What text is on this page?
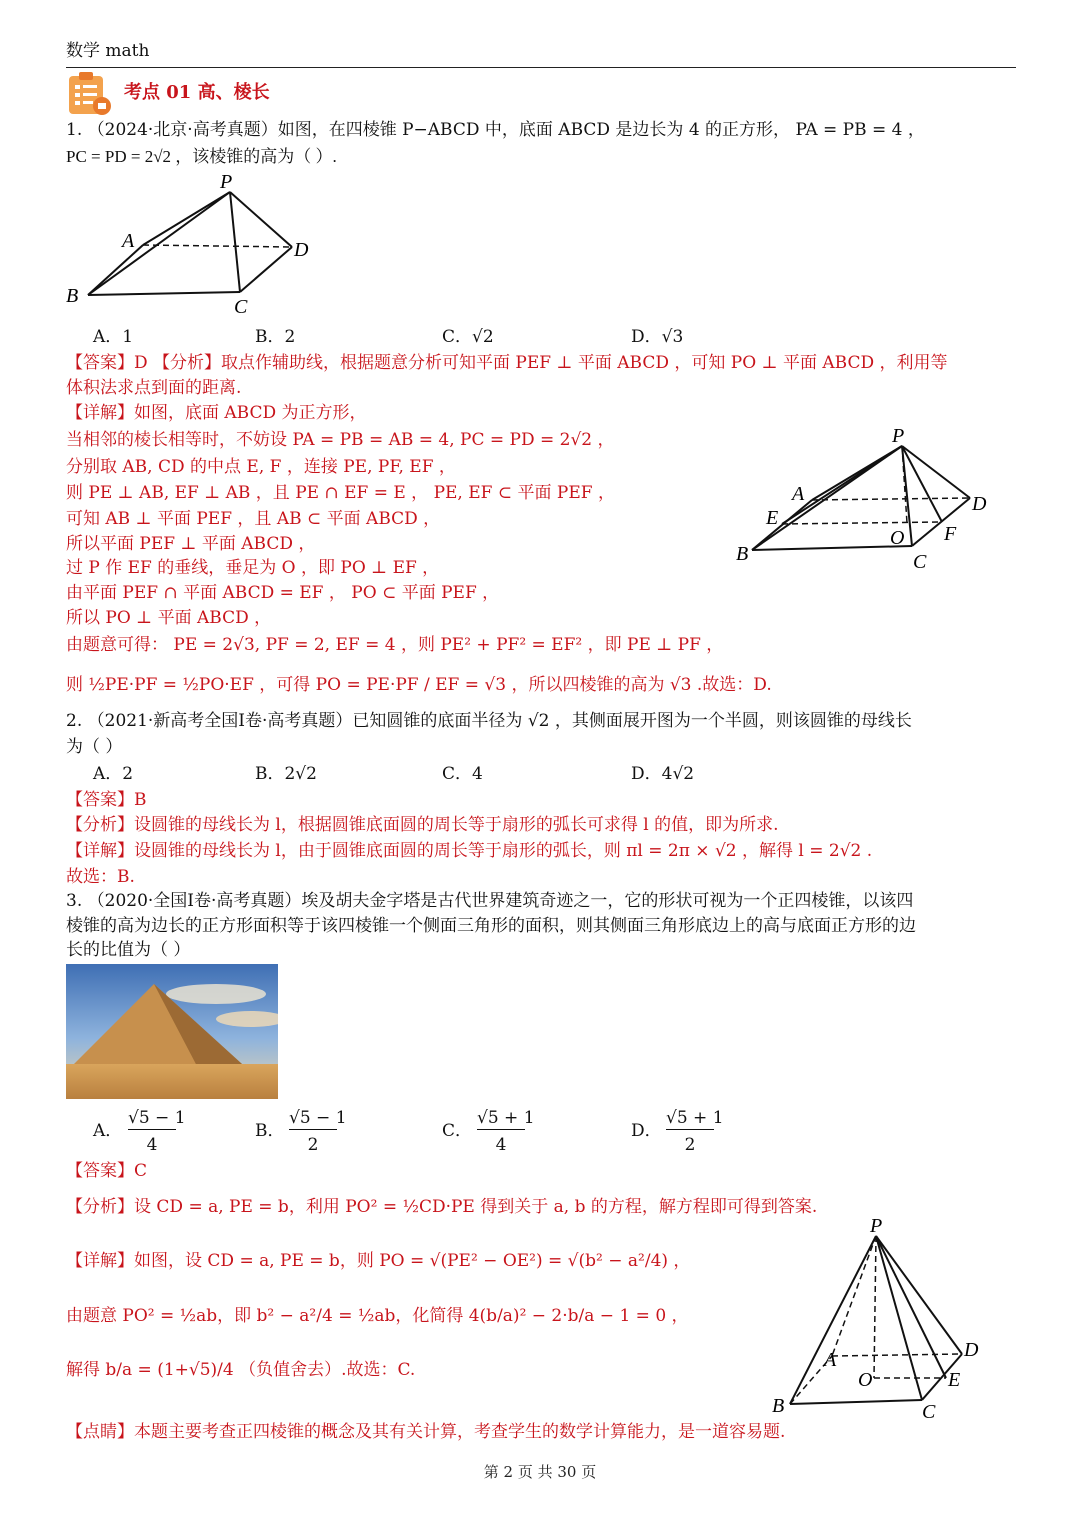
数学 math
考点 01 高、棱长
1. （2024·北京·高考真题）如图，在四棱锥 P−ABCD 中，底面 ABCD 是边长为 4 的正方形， PA = PB = 4 ，
PC = PD = 2√2 ，该棱锥的高为（ ）.
P
A
B	C
D
A．1	B．2	C．√2	D．√3
【答案】D 【分析】取点作辅助线，根据题意分析可知平面 PEF ⊥ 平面 ABCD ，可知 PO ⊥ 平面 ABCD ，利用等
体积法求点到面的距离.
【详解】如图，底面 ABCD 为正方形，
当相邻的棱长相等时，不妨设 PA = PB = AB = 4, PC = PD = 2√2 ，
分别取 AB, CD 的中点 E, F ，连接 PE, PF, EF ，
则 PE ⊥ AB, EF ⊥ AB ，且 PE ∩ EF = E ， PE, EF ⊂ 平面 PEF ，
可知 AB ⊥ 平面 PEF ，且 AB ⊂ 平面 ABCD ，
所以平面 PEF ⊥ 平面 ABCD ，
过 P 作 EF 的垂线，垂足为 O ，即 PO ⊥ EF ，
由平面 PEF ∩ 平面 ABCD = EF ， PO ⊂ 平面 PEF ，
所以 PO ⊥ 平面 ABCD ，
由题意可得： PE = 2√3, PF = 2, EF = 4 ，则 PE² + PF² = EF² ，即 PE ⊥ PF ，
则 ½PE·PF = ½PO·EF ，可得 PO = PE·PF / EF = √3 ，所以四棱锥的高为 √3 .故选：D.
P
A
E
B
O
C
F
D
2. （2021·新高考全国Ⅰ卷·高考真题）已知圆锥的底面半径为 √2 ，其侧面展开图为一个半圆，则该圆锥的母线长
为（ ）
A．2	B．2√2	C．4	D．4√2
【答案】B
【分析】设圆锥的母线长为 l，根据圆锥底面圆的周长等于扇形的弧长可求得 l 的值，即为所求.
【详解】设圆锥的母线长为 l，由于圆锥底面圆的周长等于扇形的弧长，则 πl = 2π × √2 ，解得 l = 2√2 .
故选：B.
3. （2020·全国Ⅰ卷·高考真题）埃及胡夫金字塔是古代世界建筑奇迹之一，它的形状可视为一个正四棱锥，以该四
棱锥的高为边长的正方形面积等于该四棱锥一个侧面三角形的面积，则其侧面三角形底边上的高与底面正方形的边
长的比值为（ ）
A．
√5 − 1
4
B．
√5 − 1
2
C．
√5 + 1
4
D．
√5 + 1
2
【答案】C
【分析】设 CD = a, PE = b，利用 PO² = ½CD·PE 得到关于 a, b 的方程，解方程即可得到答案.
【详解】如图，设 CD = a, PE = b，则 PO = √(PE² − OE²) = √(b² − a²/4) ，
由题意 PO² = ½ab，即 b² − a²/4 = ½ab，化简得 4(b/a)² − 2·b/a − 1 = 0 ，
解得 b/a = (1+√5)/4 （负值舍去）.故选：C.
【点睛】本题主要考查正四棱锥的概念及其有关计算，考查学生的数学计算能力，是一道容易题.
P
A
O
B	C
E
D
第 2 页 共 30 页
